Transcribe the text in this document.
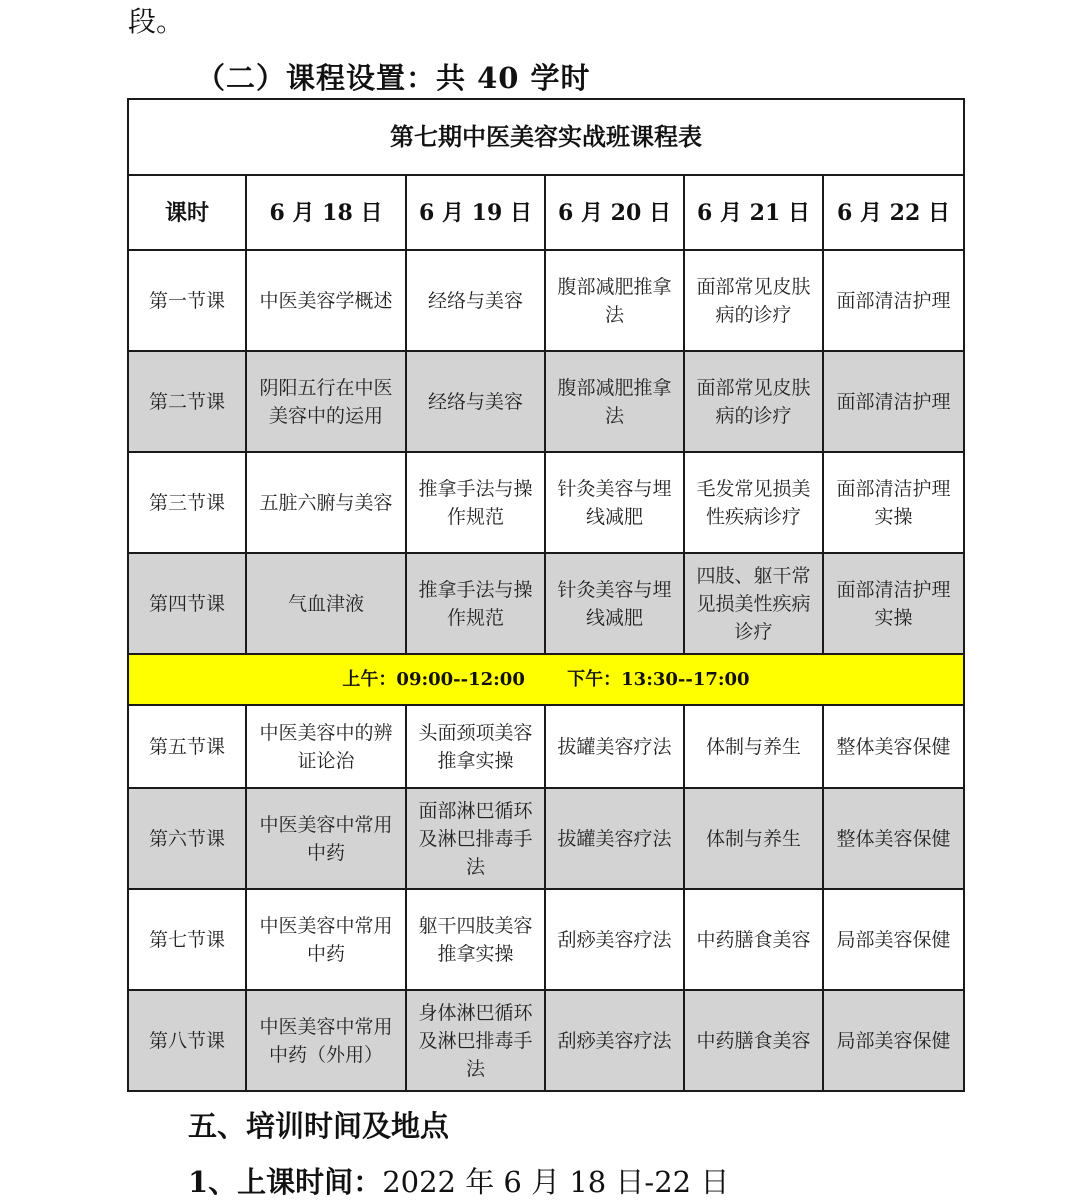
段。
（二）课程设置：共 40 学时
第七期中医美容实战班课程表					
课时	6 月 18 日	6 月 19 日	6 月 20 日	6 月 21 日	6 月 22 日
第一节课	中医美容学概述	经络与美容	腹部减肥推拿法	面部常见皮肤病的诊疗	面部清洁护理
第二节课	阴阳五行在中医美容中的运用	经络与美容	腹部减肥推拿法	面部常见皮肤病的诊疗	面部清洁护理
第三节课	五脏六腑与美容	推拿手法与操作规范	针灸美容与埋线减肥	毛发常见损美性疾病诊疗	面部清洁护理实操
第四节课	气血津液	推拿手法与操作规范	针灸美容与埋线减肥	四肢、躯干常见损美性疾病诊疗	面部清洁护理实操
上午：09:00--12:00 下午：13:30--17:00					
第五节课	中医美容中的辨证论治	头面颈项美容推拿实操	拔罐美容疗法	体制与养生	整体美容保健
第六节课	中医美容中常用中药	面部淋巴循环及淋巴排毒手法	拔罐美容疗法	体制与养生	整体美容保健
第七节课	中医美容中常用中药	躯干四肢美容推拿实操	刮痧美容疗法	中药膳食美容	局部美容保健
第八节课	中医美容中常用中药（外用）	身体淋巴循环及淋巴排毒手法	刮痧美容疗法	中药膳食美容	局部美容保健
五、培训时间及地点
1、上课时间：2022 年 6 月 18 日-22 日
